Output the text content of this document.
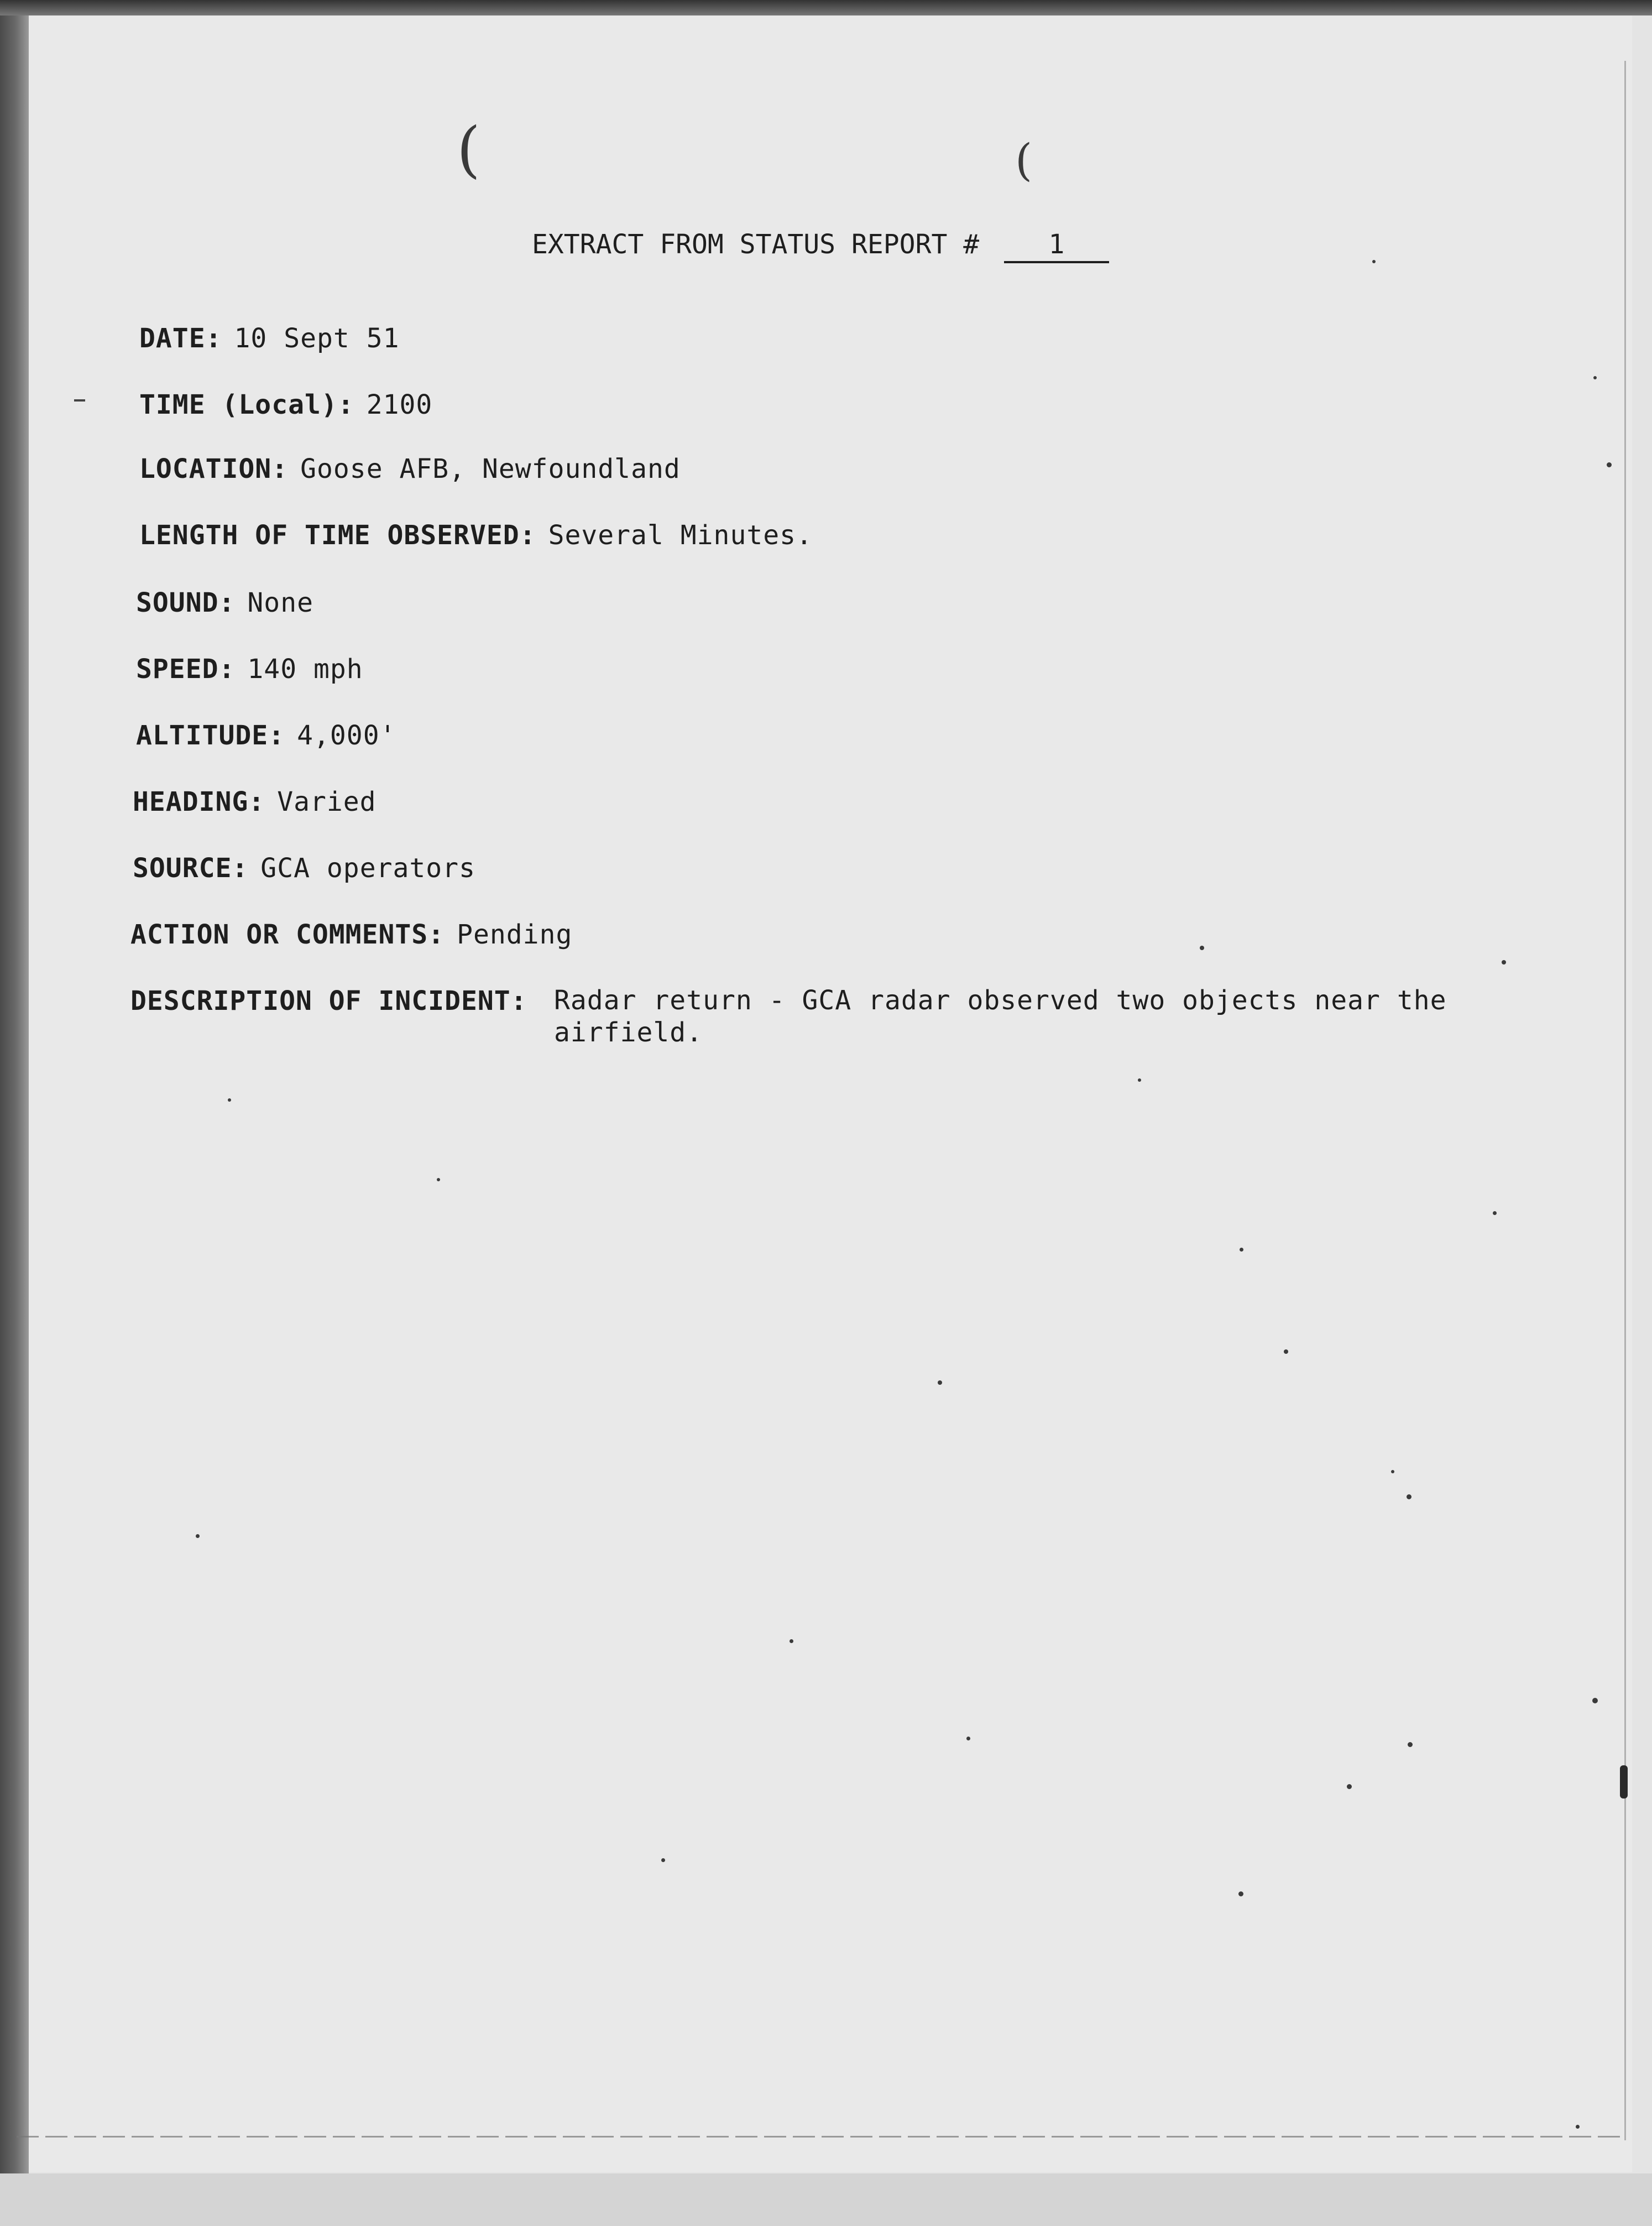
(	(
EXTRACT FROM STATUS REPORT #	1
DATE: 10 Sept 51
TIME (Local): 2100
LOCATION: Goose AFB, Newfoundland
LENGTH OF TIME OBSERVED: Several Minutes.
SOUND: None
SPEED: 140 mph
ALTITUDE: 4,000'
HEADING: Varied
SOURCE: GCA operators
ACTION OR COMMENTS: Pending
DESCRIPTION OF INCIDENT: Radar return - GCA radar observed two objects near the airfield.
